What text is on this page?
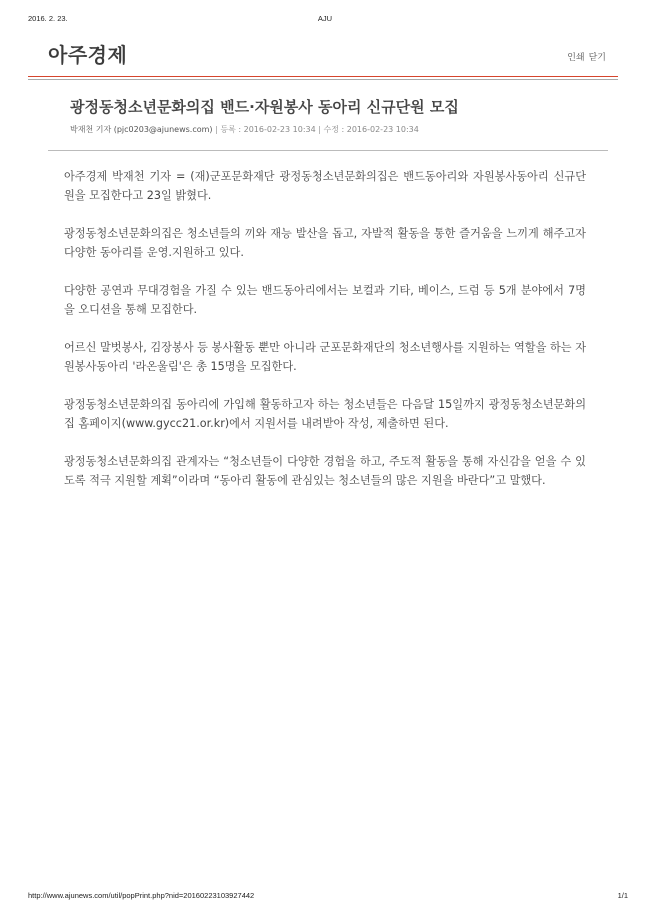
2016. 2. 23.	AJU
아주경제	인쇄 닫기
광정동청소년문화의집 밴드·자원봉사 동아리 신규단원 모집
박재천 기자 (pjc0203@ajunews.com) | 등록 : 2016-02-23 10:34 | 수정 : 2016-02-23 10:34

아주경제 박재천 기자 = (재)군포문화재단 광정동청소년문화의집은 밴드동아리와 자원봉사동아리 신규단원을 모집한다고 23일 밝혔다.

광정동청소년문화의집은 청소년들의 끼와 재능 발산을 돕고, 자발적 활동을 통한 즐거움을 느끼게 해주고자 다양한 동아리를 운영.지원하고 있다.

다양한 공연과 무대경험을 가질 수 있는 밴드동아리에서는 보컬과 기타, 베이스, 드럼 등 5개 분야에서 7명을 오디션을 통해 모집한다.

어르신 말벗봉사, 김장봉사 등 봉사활동 뿐만 아니라 군포문화재단의 청소년행사를 지원하는 역할을 하는 자원봉사동아리 '라온울림'은 총 15명을 모집한다.

광정동청소년문화의집 동아리에 가입해 활동하고자 하는 청소년들은 다음달 15일까지 광정동청소년문화의집 홈페이지(www.gycc21.or.kr)에서 지원서를 내려받아 작성, 제출하면 된다.

광정동청소년문화의집 관계자는 “청소년들이 다양한 경험을 하고, 주도적 활동을 통해 자신감을 얻을 수 있도록 적극 지원할 계획”이라며 “동아리 활동에 관심있는 청소년들의 많은 지원을 바란다”고 말했다.

http://www.ajunews.com/util/popPrint.php?nid=20160223103927442	1/1
